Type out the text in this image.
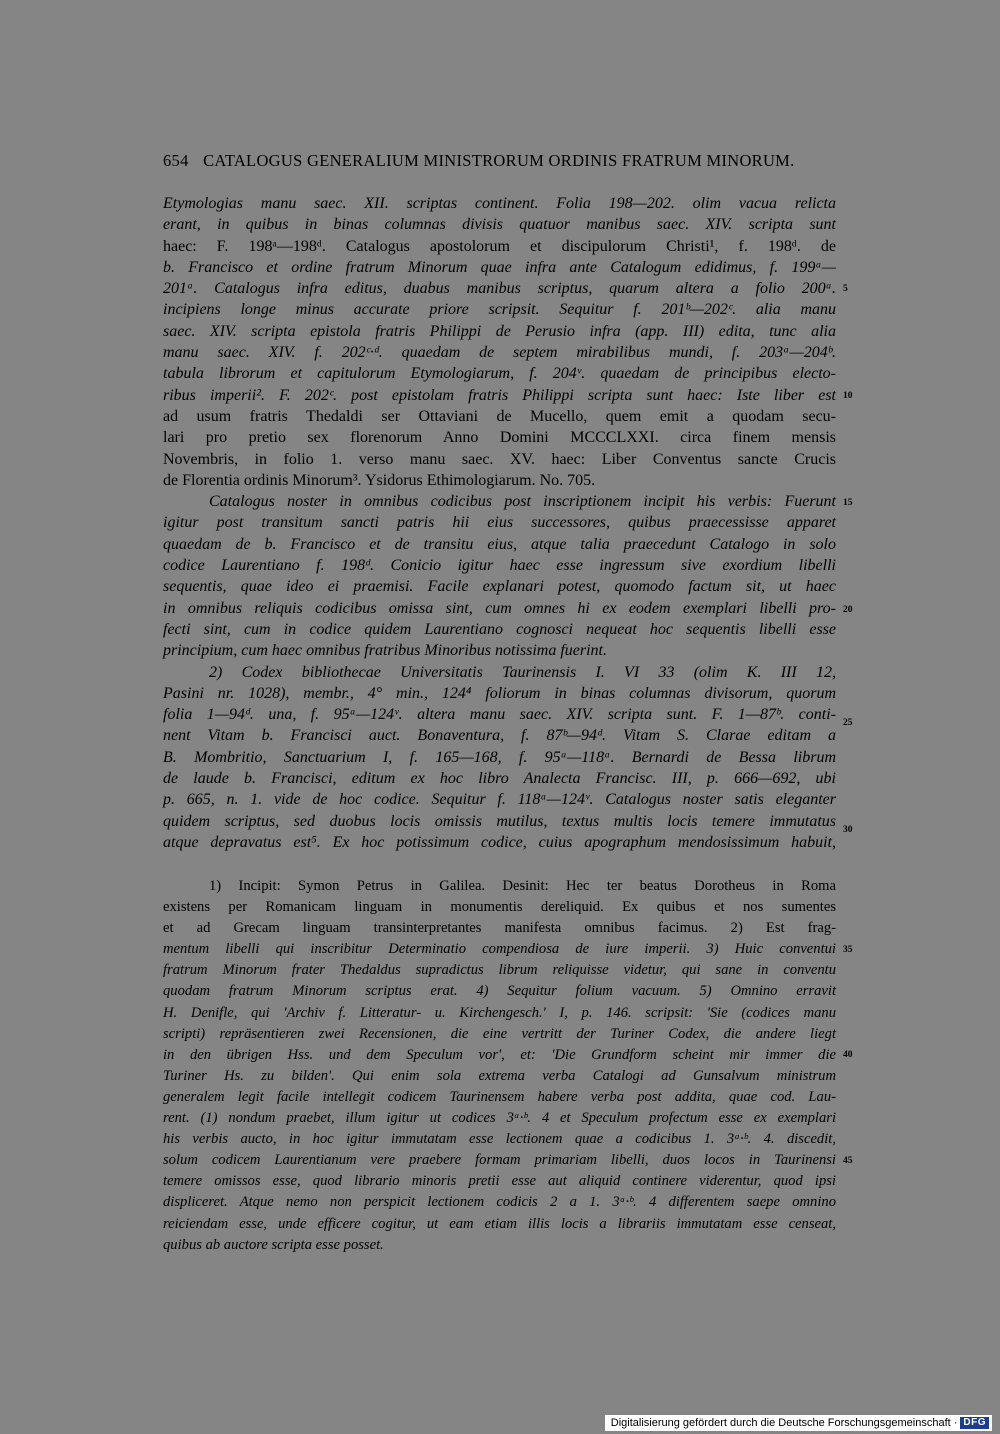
654 CATALOGUS GENERALIUM MINISTRORUM ORDINIS FRATRUM MINORUM.
Etymologias manu saec. XII. scriptas continent. Folia 198—202. olim vacua relicta
erant, in quibus in binas columnas divisis quatuor manibus saec. XIV. scripta sunt
haec: F. 198ᵃ—198ᵈ. Catalogus apostolorum et discipulorum Christi¹, f. 198ᵈ. de
b. Francisco et ordine fratrum Minorum quae infra ante Catalogum edidimus, f. 199ᵃ—
201ᵃ. Catalogus infra editus, duabus manibus scriptus, quarum altera a folio 200ᵃ.
incipiens longe minus accurate priore scripsit. Sequitur f. 201ᵇ—202ᶜ. alia manu
saec. XIV. scripta epistola fratris Philippi de Perusio infra (app. III) edita, tunc alia
manu saec. XIV. f. 202ᶜ·ᵈ. quaedam de septem mirabilibus mundi, f. 203ᵃ—204ᵇ.
tabula librorum et capitulorum Etymologiarum, f. 204ᵛ. quaedam de principibus electo-
ribus imperii². F. 202ᶜ. post epistolam fratris Philippi scripta sunt haec: Iste liber est
ad usum fratris Thedaldi ser Ottaviani de Mucello, quem emit a quodam secu-
lari pro pretio sex florenorum Anno Domini MCCCLXXI. circa finem mensis
Novembris, in folio 1. verso manu saec. XV. haec: Liber Conventus sancte Crucis
de Florentia ordinis Minorum³. Ysidorus Ethimologiarum. No. 705.
Catalogus noster in omnibus codicibus post inscriptionem incipit his verbis: Fuerunt
igitur post transitum sancti patris hii eius successores, quibus praecessisse apparet
quaedam de b. Francisco et de transitu eius, atque talia praecedunt Catalogo in solo
codice Laurentiano f. 198ᵈ. Conicio igitur haec esse ingressum sive exordium libelli
sequentis, quae ideo ei praemisi. Facile explanari potest, quomodo factum sit, ut haec
in omnibus reliquis codicibus omissa sint, cum omnes hi ex eodem exemplari libelli pro-
fecti sint, cum in codice quidem Laurentiano cognosci nequeat hoc sequentis libelli esse
principium, cum haec omnibus fratribus Minoribus notissima fuerint.
2) Codex bibliothecae Universitatis Taurinensis I. VI 33 (olim K. III 12,
Pasini nr. 1028), membr., 4° min., 124⁴ foliorum in binas columnas divisorum, quorum
folia 1—94ᵈ. una, f. 95ᵃ—124ᵛ. altera manu saec. XIV. scripta sunt. F. 1—87ᵇ. conti-
nent Vitam b. Francisci auct. Bonaventura, f. 87ᵇ—94ᵈ. Vitam S. Clarae editam a
B. Mombritio, Sanctuarium I, f. 165—168, f. 95ᵃ—118ᵃ. Bernardi de Bessa librum
de laude b. Francisci, editum ex hoc libro Analecta Francisc. III, p. 666—692, ubi
p. 665, n. 1. vide de hoc codice. Sequitur f. 118ᵃ—124ᵛ. Catalogus noster satis eleganter
quidem scriptus, sed duobus locis omissis mutilus, textus multis locis temere immutatus
atque depravatus est⁵. Ex hoc potissimum codice, cuius apographum mendosissimum habuit,
1) Incipit: Symon Petrus in Galilea. Desinit: Hec ter beatus Dorotheus in Roma
existens per Romanicam linguam in monumentis dereliquid. Ex quibus et nos sumentes
et ad Grecam linguam transinterpretantes manifesta omnibus facimus. 2) Est frag-
mentum libelli qui inscribitur Determinatio compendiosa de iure imperii. 3) Huic conventui
fratrum Minorum frater Thedaldus supradictus librum reliquisse videtur, qui sane in conventu
quodam fratrum Minorum scriptus erat. 4) Sequitur folium vacuum. 5) Omnino erravit
H. Denifle, qui 'Archiv f. Litteratur- u. Kirchengesch.' I, p. 146. scripsit: 'Sie (codices manu
scripti) repräsentieren zwei Recensionen, die eine vertritt der Turiner Codex, die andere liegt
in den übrigen Hss. und dem Speculum vor', et: 'Die Grundform scheint mir immer die
Turiner Hs. zu bilden'. Qui enim sola extrema verba Catalogi ad Gunsalvum ministrum
generalem legit facile intellegit codicem Taurinensem habere verba post addita, quae cod. Lau-
rent. (1) nondum praebet, illum igitur ut codices 3ᵃ·ᵇ. 4 et Speculum profectum esse ex exemplari
his verbis aucto, in hoc igitur immutatam esse lectionem quae a codicibus 1. 3ᵃ·ᵇ. 4. discedit,
solum codicem Laurentianum vere praebere formam primariam libelli, duos locos in Taurinensi
temere omissos esse, quod librario minoris pretii esse aut aliquid continere viderentur, quod ipsi
displiceret. Atque nemo non perspicit lectionem codicis 2 a 1. 3ᵃ·ᵇ. 4 differentem saepe omnino
reiciendam esse, unde efficere cogitur, ut eam etiam illis locis a librariis immutatam esse censeat,
quibus ab auctore scripta esse posset.
5
10
15
20
25
30
35
40
45
Digitalisierung gefördert durch die Deutsche Forschungsgemeinschaft · DFG
